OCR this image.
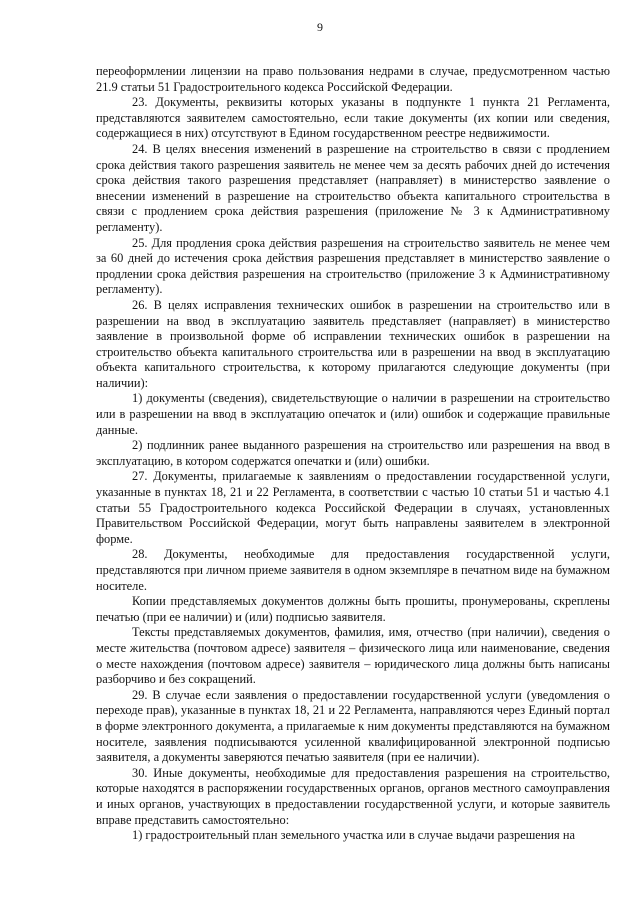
9

переоформлении лицензии на право пользования недрами в случае, предусмотренном частью 21.9 статьи 51 Градостроительного кодекса Российской Федерации.

23. Документы, реквизиты которых указаны в подпункте 1 пункта 21 Регламента, представляются заявителем самостоятельно, если такие документы (их копии или сведения, содержащиеся в них) отсутствуют в Едином государственном реестре недвижимости.

24. В целях внесения изменений в разрешение на строительство в связи с продлением срока действия такого разрешения заявитель не менее чем за десять рабочих дней до истечения срока действия такого разрешения представляет (направляет) в министерство заявление о внесении изменений в разрешение на строительство объекта капитального строительства в связи с продлением срока действия разрешения (приложение № 3 к Административному регламенту).

25. Для продления срока действия разрешения на строительство заявитель не менее чем за 60 дней до истечения срока действия разрешения представляет в министерство заявление о продлении срока действия разрешения на строительство (приложение 3 к Административному регламенту).

26. В целях исправления технических ошибок в разрешении на строительство или в разрешении на ввод в эксплуатацию заявитель представляет (направляет) в министерство заявление в произвольной форме об исправлении технических ошибок в разрешении на строительство объекта капитального строительства или в разрешении на ввод в эксплуатацию объекта капитального строительства, к которому прилагаются следующие документы (при наличии):

1) документы (сведения), свидетельствующие о наличии в разрешении на строительство или в разрешении на ввод в эксплуатацию опечаток и (или) ошибок и содержащие правильные данные.

2) подлинник ранее выданного разрешения на строительство или разрешения на ввод в эксплуатацию, в котором содержатся опечатки и (или) ошибки.

27. Документы, прилагаемые к заявлениям о предоставлении государственной услуги, указанные в пунктах 18, 21 и 22 Регламента, в соответствии с частью 10 статьи 51 и частью 4.1 статьи 55 Градостроительного кодекса Российской Федерации в случаях, установленных Правительством Российской Федерации, могут быть направлены заявителем в электронной форме.

28. Документы, необходимые для предоставления государственной услуги, представляются при личном приеме заявителя в одном экземпляре в печатном виде на бумажном носителе.

Копии представляемых документов должны быть прошиты, пронумерованы, скреплены печатью (при ее наличии) и (или) подписью заявителя.

Тексты представляемых документов, фамилия, имя, отчество (при наличии), сведения о месте жительства (почтовом адресе) заявителя – физического лица или наименование, сведения о месте нахождения (почтовом адресе) заявителя – юридического лица должны быть написаны разборчиво и без сокращений.

29. В случае если заявления о предоставлении государственной услуги (уведомления о переходе прав), указанные в пунктах 18, 21 и 22 Регламента, направляются через Единый портал в форме электронного документа, а прилагаемые к ним документы представляются на бумажном носителе, заявления подписываются усиленной квалифицированной электронной подписью заявителя, а документы заверяются печатью заявителя (при ее наличии).

30. Иные документы, необходимые для предоставления разрешения на строительство, которые находятся в распоряжении государственных органов, органов местного самоуправления и иных органов, участвующих в предоставлении государственной услуги, и которые заявитель вправе представить самостоятельно:

1) градостроительный план земельного участка или в случае выдачи разрешения на
